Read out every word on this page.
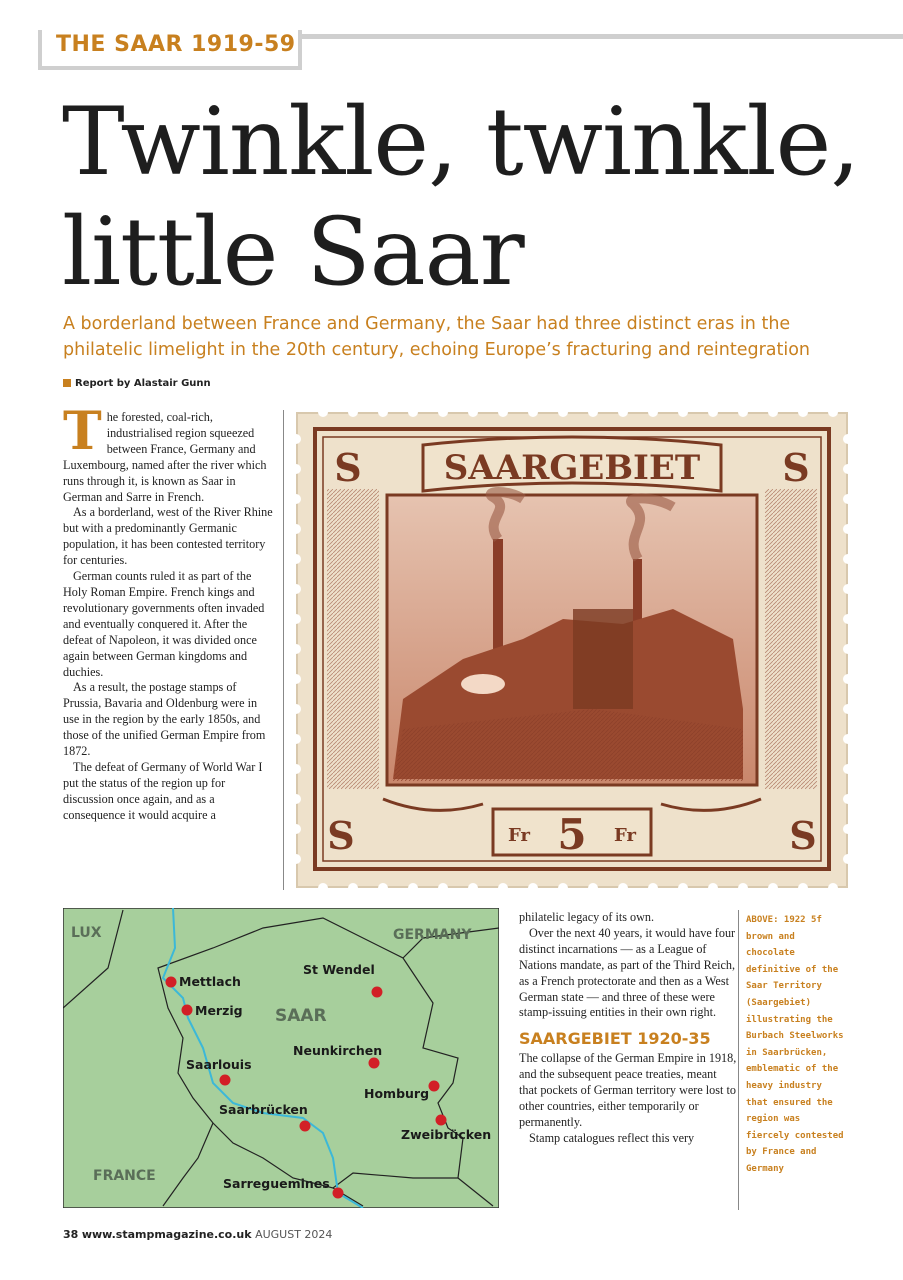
THE SAAR 1919-59
Twinkle, twinkle,
little Saar
A borderland between France and Germany, the Saar had three distinct eras in the
philatelic limelight in the 20th century, echoing Europe’s fracturing and reintegration
Report by Alastair Gunn

The forested, coal-rich, industrialised region squeezed between France, Germany and Luxembourg, named after the river which runs through it, is known as Saar in German and Sarre in French.

As a borderland, west of the River Rhine but with a predominantly Germanic population, it has been contested territory for centuries.

German counts ruled it as part of the Holy Roman Empire. French kings and revolutionary governments often invaded and eventually conquered it. After the defeat of Napoleon, it was divided once again between German kingdoms and duchies.

As a result, the postage stamps of Prussia, Bavaria and Oldenburg were in use in the region by the early 1850s, and those of the unified German Empire from 1872.

The defeat of Germany of World War I put the status of the region up for discussion once again, and as a consequence it would acquire a

SAARGEBIET
S	S
S	S
Fr 5 Fr
LUX	GERMANY
FRANCE
SAAR
Mettlach
Merzig
St Wendel
Neunkirchen
Saarlouis
Homburg
Saarbrücken
Zweibrücken
Sarreguemines

philatelic legacy of its own.

Over the next 40 years, it would have four distinct incarnations — as a League of Nations mandate, as part of the Third Reich, as a French protectorate and then as a West German state — and three of these were stamp-issuing entities in their own right.

SAARGEBIET 1920-35

The collapse of the German Empire in 1918, and the subsequent peace treaties, meant that pockets of German territory were lost to other countries, either temporarily or permanently.

Stamp catalogues reflect this very

ABOVE: 1922 5f brown and chocolate definitive of the Saar Territory (Saargebiet) illustrating the Burbach Steelworks in Saarbrücken, emblematic of the heavy industry that ensured the region was fiercely contested by France and Germany
38 www.stampmagazine.co.uk AUGUST 2024
